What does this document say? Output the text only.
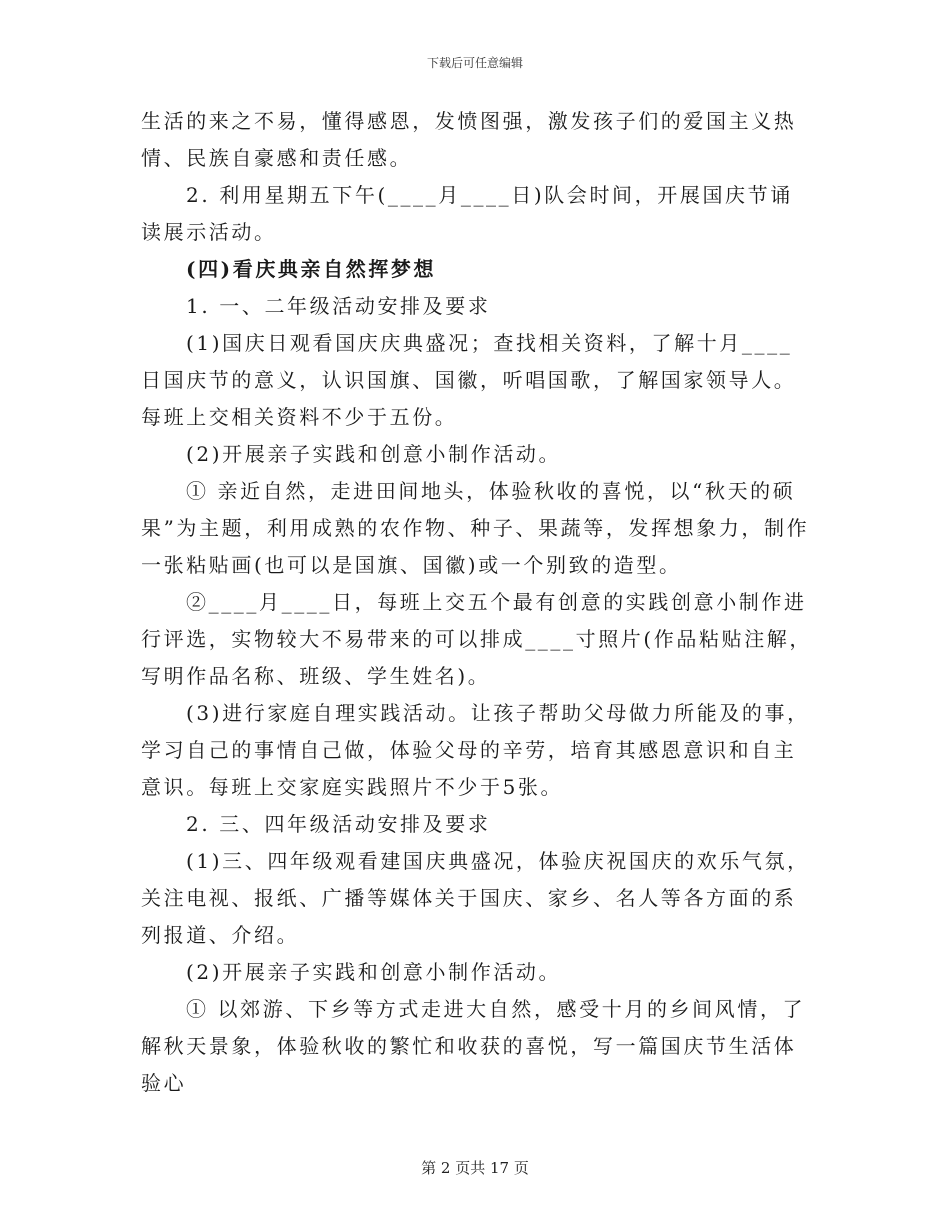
下载后可任意编辑

生活的来之不易，懂得感恩，发愤图强，激发孩子们的爱国主义热情、民族自豪感和责任感。

2. 利用星期五下午(____月____日)队会时间，开展国庆节诵读展示活动。

(四)看庆典亲自然挥梦想

1. 一、二年级活动安排及要求

(1)国庆日观看国庆庆典盛况；查找相关资料，了解十月____日国庆节的意义，认识国旗、国徽，听唱国歌，了解国家领导人。每班上交相关资料不少于五份。

(2)开展亲子实践和创意小制作活动。

① 亲近自然，走进田间地头，体验秋收的喜悦，以“秋天的硕果”为主题，利用成熟的农作物、种子、果蔬等，发挥想象力，制作一张粘贴画(也可以是国旗、国徽)或一个别致的造型。

②____月____日，每班上交五个最有创意的实践创意小制作进行评选，实物较大不易带来的可以排成____寸照片(作品粘贴注解，写明作品名称、班级、学生姓名)。

(3)进行家庭自理实践活动。让孩子帮助父母做力所能及的事，学习自己的事情自己做，体验父母的辛劳，培育其感恩意识和自主意识。每班上交家庭实践照片不少于5张。

2. 三、四年级活动安排及要求

(1)三、四年级观看建国庆典盛况，体验庆祝国庆的欢乐气氛，关注电视、报纸、广播等媒体关于国庆、家乡、名人等各方面的系列报道、介绍。

(2)开展亲子实践和创意小制作活动。

① 以郊游、下乡等方式走进大自然，感受十月的乡间风情，了解秋天景象，体验秋收的繁忙和收获的喜悦，写一篇国庆节生活体验心

第 2 页共 17 页
